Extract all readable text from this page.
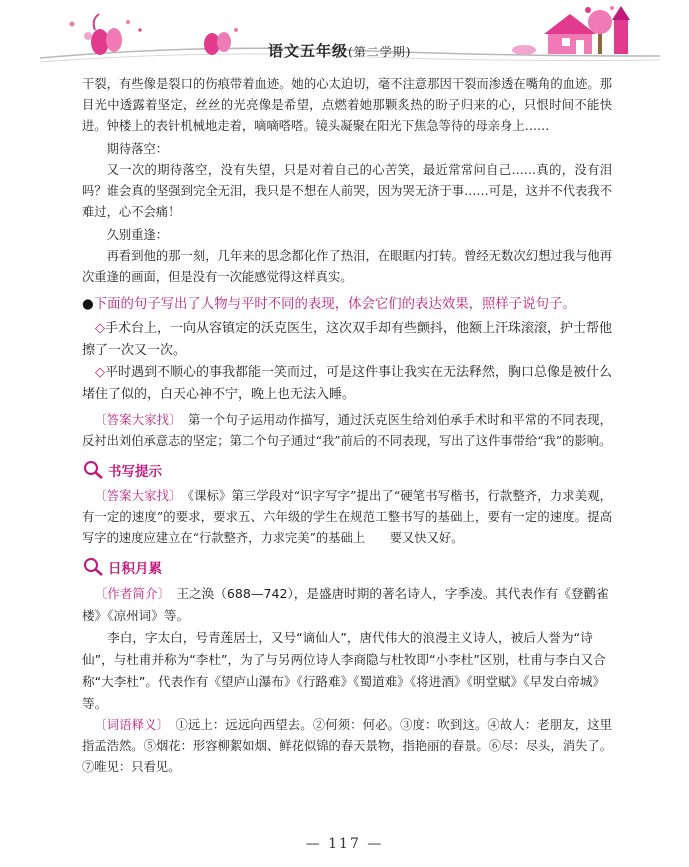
语文五年级(第二学期)

干裂，有些像是裂口的伤痕带着血迹。她的心太迫切，毫不注意那因干裂而渗透在嘴角的血迹。那目光中透露着坚定，丝丝的光亮像是希望，点燃着她那颗炙热的盼子归来的心，只恨时间不能快进。钟楼上的表针机械地走着，嘀嘀嗒嗒。镜头凝聚在阳光下焦急等待的母亲身上……

期待落空：

又一次的期待落空，没有失望，只是对着自己的心苦笑，最近常常问自己……真的，没有泪吗？谁会真的坚强到完全无泪，我只是不想在人前哭，因为哭无济于事……可是，这并不代表我不难过，心不会痛！

久别重逢：

再看到他的那一刻，几年来的思念都化作了热泪，在眼眶内打转。曾经无数次幻想过我与他再次重逢的画面，但是没有一次能感觉得这样真实。

●下面的句子写出了人物与平时不同的表现，体会它们的表达效果，照样子说句子。

◇手术台上，一向从容镇定的沃克医生，这次双手却有些颤抖，他额上汗珠滚滚，护士帮他擦了一次又一次。

◇平时遇到不顺心的事我都能一笑而过，可是这件事让我实在无法释然，胸口总像是被什么堵住了似的，白天心神不宁，晚上也无法入睡。

〔答案大家找〕　 第一个句子运用动作描写，通过沃克医生给刘伯承手术时和平常的不同表现，反衬出刘伯承意志的坚定；第二个句子通过“我”前后的不同表现，写出了这件事带给“我”的影响。

书写提示

〔答案大家找〕　 《课标》第三学段对“识字写字”提出了“硬笔书写楷书，行款整齐，力求美观，有一定的速度”的要求，要求五、六年级的学生在规范工整书写的基础上，要有一定的速度。提高写字的速度应建立在“行款整齐，力求完美”的基础上　　要又快又好。

日积月累

〔作者简介〕　 王之涣（688—742），是盛唐时期的著名诗人，字季凌。其代表作有《登鹳雀楼》《凉州词》等。

李白，字太白，号青莲居士，又号“谪仙人”，唐代伟大的浪漫主义诗人，被后人誉为“诗仙”，与杜甫并称为“李杜”，为了与另两位诗人李商隐与杜牧即“小李杜”区别，杜甫与李白又合称“大李杜”。代表作有《望庐山瀑布》《行路难》《蜀道难》《将进酒》《明堂赋》《早发白帝城》等。

〔词语释义〕　 ①远上：远远向西望去。②何须：何必。③度：吹到这。④故人：老朋友，这里指孟浩然。⑤烟花：形容柳絮如烟、鲜花似锦的春天景物，指艳丽的春景。⑥尽：尽头，消失了。⑦唯见：只看见。

— 117 —
